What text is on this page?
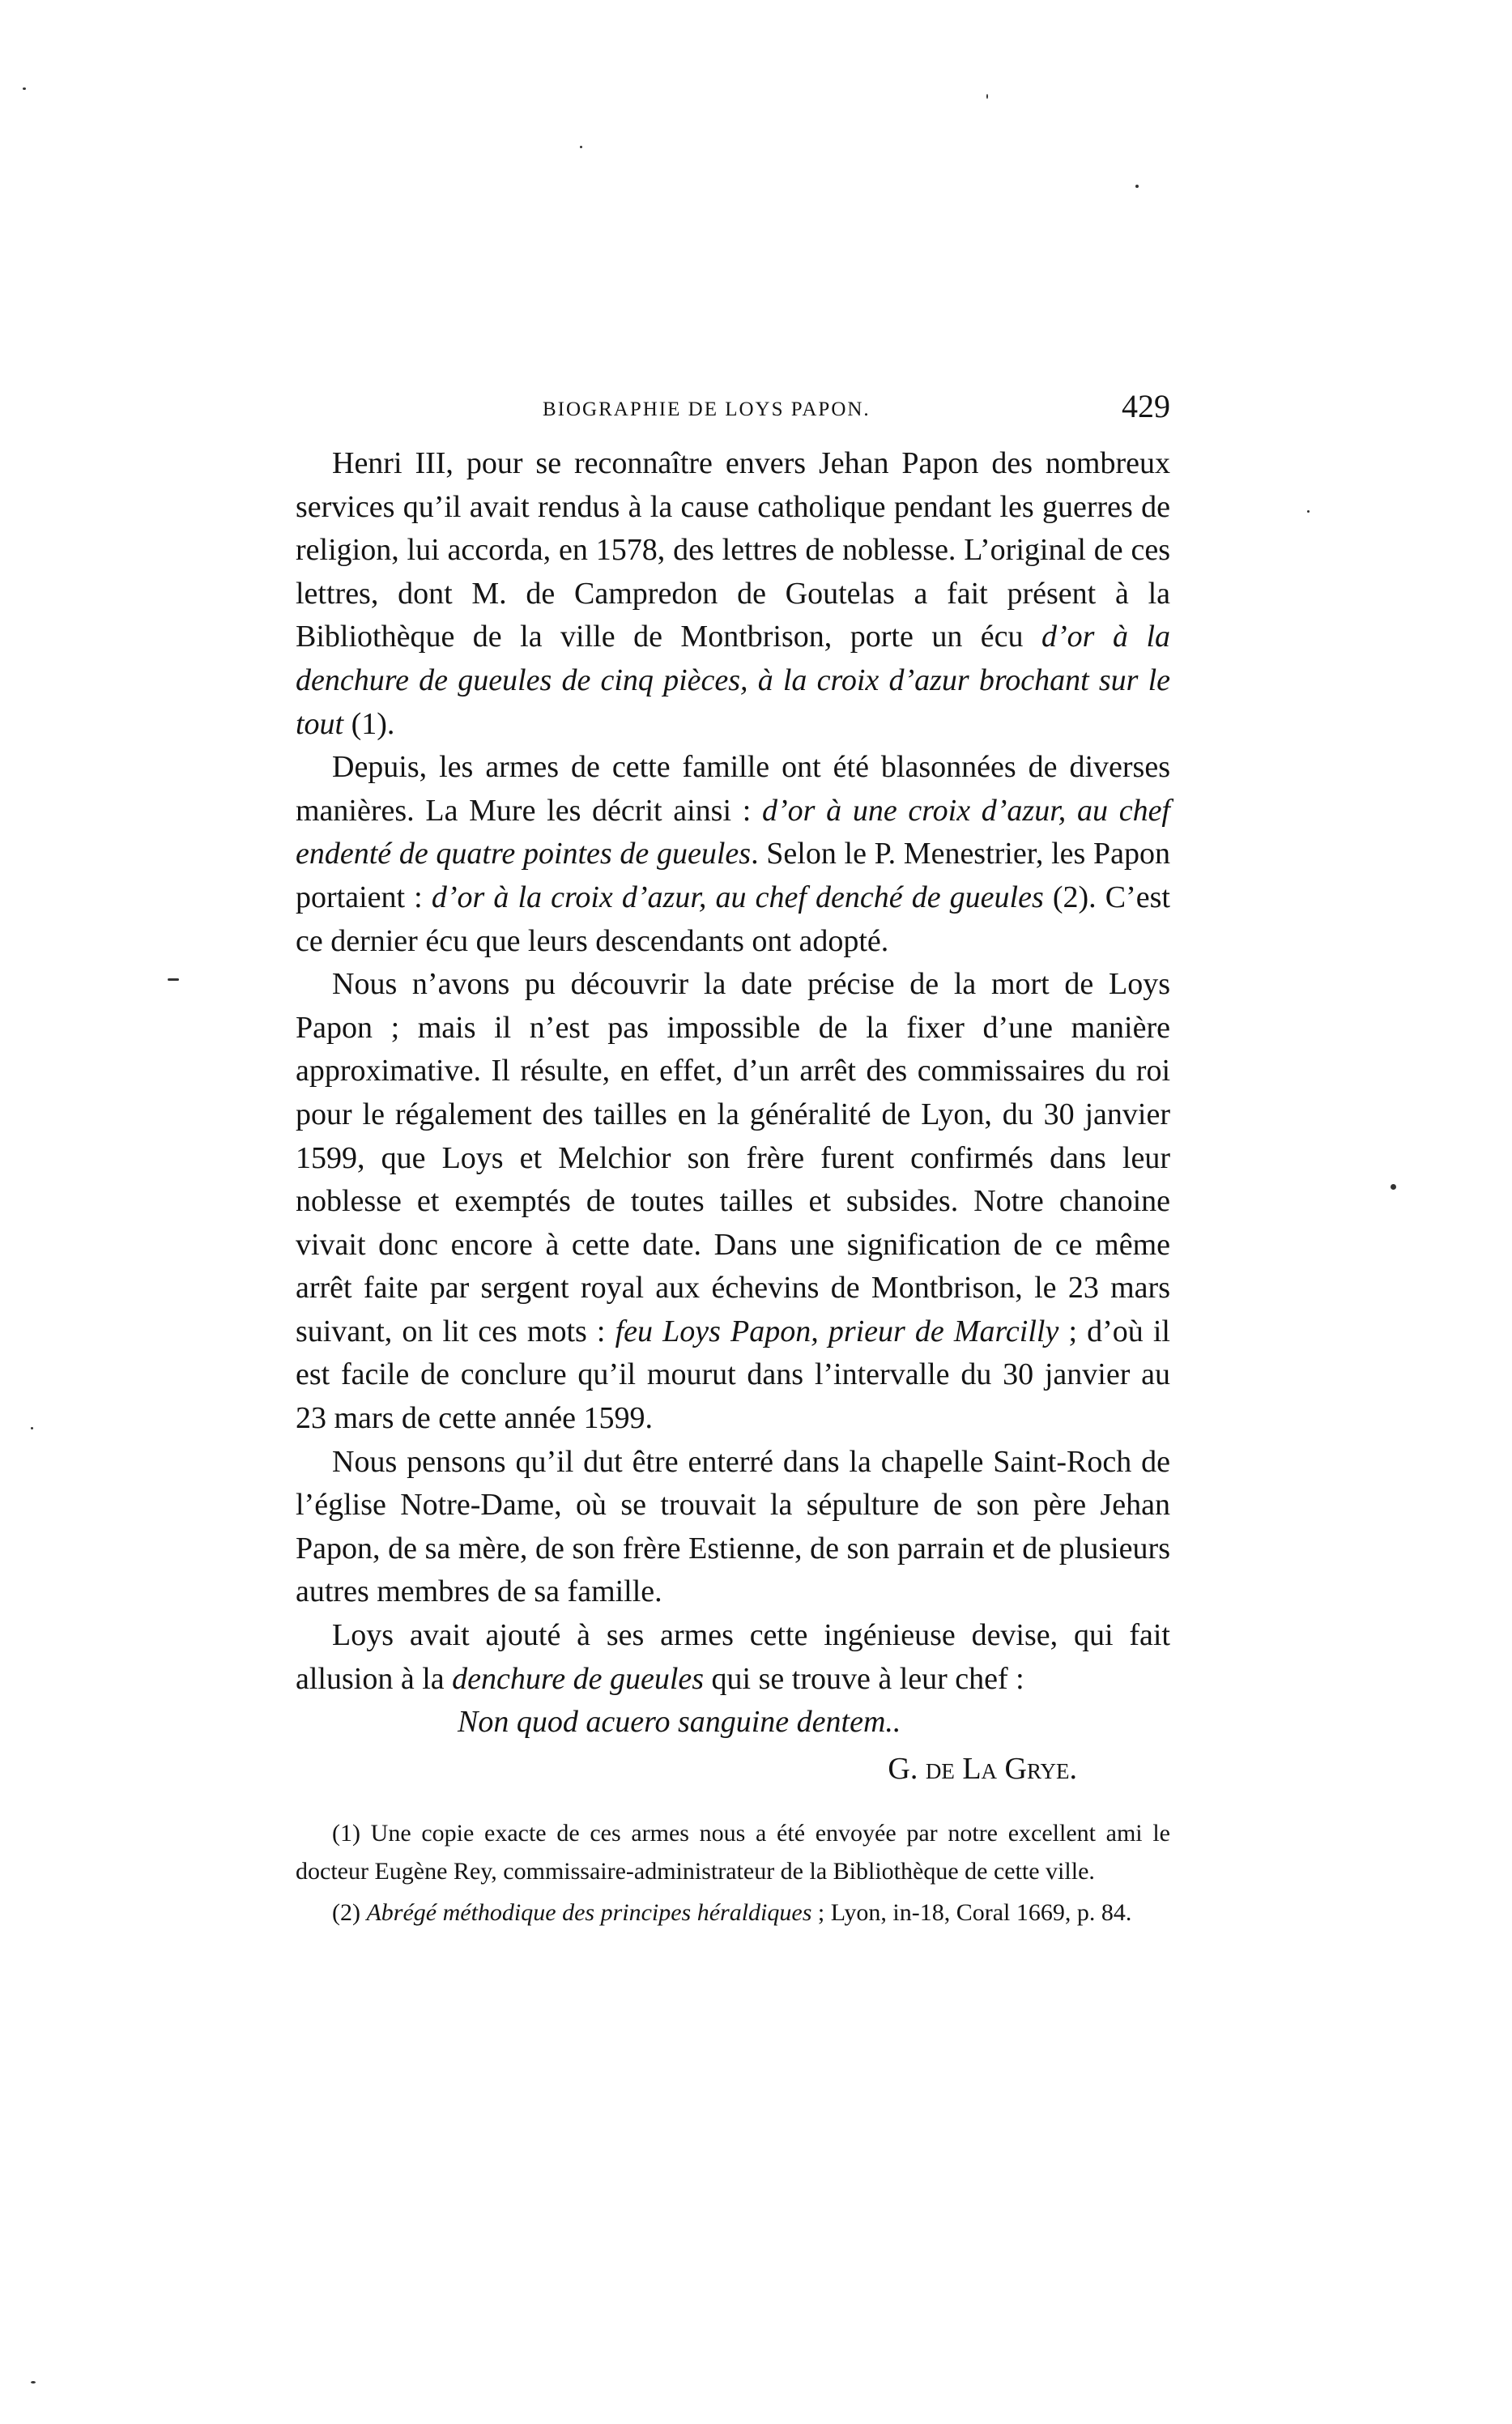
BIOGRAPHIE DE LOYS PAPON.	429

Henri III, pour se reconnaître envers Jehan Papon des nombreux services qu’il avait rendus à la cause catholique pendant les guerres de religion, lui accorda, en 1578, des lettres de noblesse. L’original de ces lettres, dont M. de Campredon de Goutelas a fait présent à la Bibliothèque de la ville de Montbrison, porte un écu d’or à la denchure de gueules de cinq pièces, à la croix d’azur brochant sur le tout (1).

Depuis, les armes de cette famille ont été blasonnées de diverses manières. La Mure les décrit ainsi : d’or à une croix d’azur, au chef endenté de quatre pointes de gueules. Selon le P. Menestrier, les Papon portaient : d’or à la croix d’azur, au chef denché de gueules (2). C’est ce dernier écu que leurs descendants ont adopté.

Nous n’avons pu découvrir la date précise de la mort de Loys Papon ; mais il n’est pas impossible de la fixer d’une manière approximative. Il résulte, en effet, d’un arrêt des commissaires du roi pour le régalement des tailles en la généralité de Lyon, du 30 janvier 1599, que Loys et Melchior son frère furent confirmés dans leur noblesse et exemptés de toutes tailles et subsides. Notre chanoine vivait donc encore à cette date. Dans une signification de ce même arrêt faite par sergent royal aux échevins de Montbrison, le 23 mars suivant, on lit ces mots : feu Loys Papon, prieur de Marcilly ; d’où il est facile de conclure qu’il mourut dans l’intervalle du 30 janvier au 23 mars de cette année 1599.

Nous pensons qu’il dut être enterré dans la chapelle Saint-Roch de l’église Notre-Dame, où se trouvait la sépulture de son père Jehan Papon, de sa mère, de son frère Estienne, de son parrain et de plusieurs autres membres de sa famille.

Loys avait ajouté à ses armes cette ingénieuse devise, qui fait allusion à la denchure de gueules qui se trouve à leur chef :

Non quod acuero sanguine dentem..

G. de La Grye.

(1) Une copie exacte de ces armes nous a été envoyée par notre excellent ami le docteur Eugène Rey, commissaire-administrateur de la Bibliothèque de cette ville.

(2) Abrégé méthodique des principes héraldiques ; Lyon, in-18, Coral 1669, p. 84.
